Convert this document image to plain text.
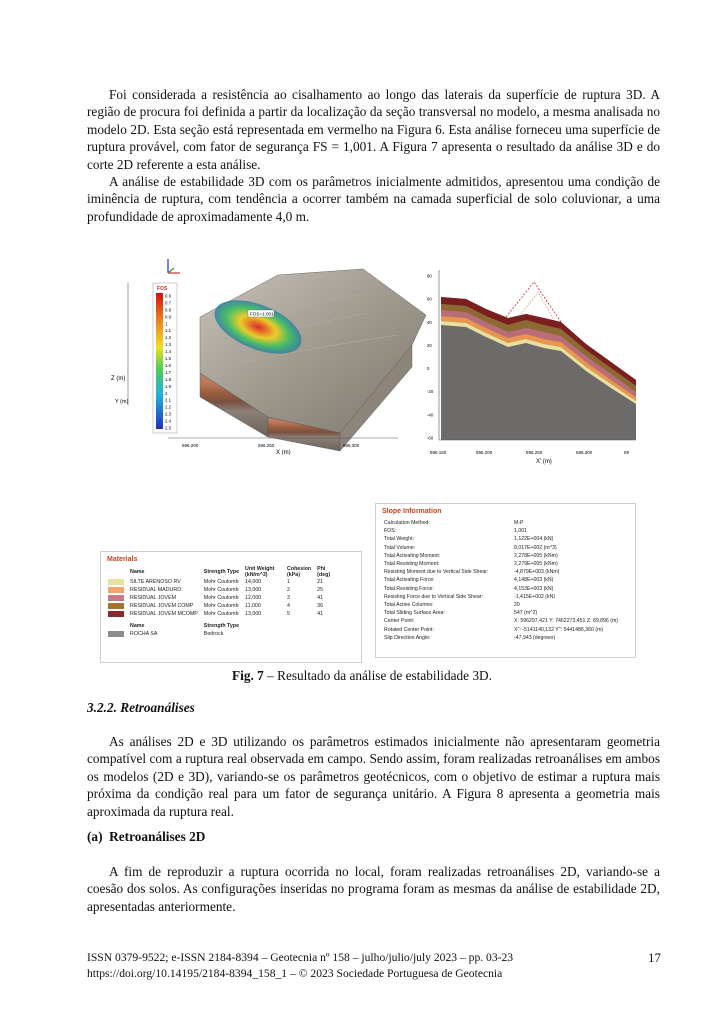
Foi considerada a resistência ao cisalhamento ao longo das laterais da superfície de ruptura 3D. A região de procura foi definida a partir da localização da seção transversal no modelo, a mesma analisada no modelo 2D. Esta seção está representada em vermelho na Figura 6. Esta análise forneceu uma superfície de ruptura provável, com fator de segurança FS = 1,001. A Figura 7 apresenta o resultado da análise 3D e do corte 2D referente a esta análise.

A análise de estabilidade 3D com os parâmetros inicialmente admitidos, apresentou uma condição de iminência de ruptura, com tendência a ocorrer também na camada superficial de solo coluvionar, a uma profundidade de aproximadamente 4,0 m.

FOS=1.001
FOS
0.6
0.7
0.8
0.9
1
1.1
1.2
1.3
1.4
1.5
1.6
1.7
1.8
1.9
2
2.1
2.2
2.3
2.4
2.5
Z (m)
Y (m)
596.200	596.250	596.300
X (m)
80
60
40
20
0
-20
-40
-60
596.150	596.200	596.250	596.300	59
X' (m)
Materials
	Name	Strength Type	Unit Weight (kN/m^3)	Cohesion (kPa)	Phi (deg)
	SILTE ARENOSO RV	Mohr Coulomb	14,000	1	21
	RESIDUAL MADURO	Mohr Coulomb	13,000	2	25
	RESIDUAL JOVEM	Mohr Coulomb	12,000	3	41
	RESIDUAL JOVEM COMP	Mohr Coulomb	11,000	4	36
	RESIDUAL JOVEM MCOMP	Mohr Coulomb	13,000	5	41

	Name	Strength Type			
	ROCHA SA	Bedrock			
Slope Information
Calculation Method:	M-P
FOS:	1,001
Total Weight:	1,122E+004 (kN)
Total Volume:	8,017E+002 (m^3)
Total Activating Moment:	2,278E+005 (kNm)
Total Resisting Moment:	2,279E+005 (kNm)
Resisting Moment due to Vertical Side Shear:	-4,879E+003 (kNm)
Total Activating Force:	4,148E+003 (kN)
Total Resisting Force:	4,153E+003 (kN)
Resisting Force due to Vertical Side Shear:	-1,415E+002 (kN)
Total Active Columns:	20
Total Sliding Surface Area:	547 (m^2)
Center Point:	X: 596297,421 Y: 7462273,451 Z: 89,896 (m)
Rotated Center Point:	X'': -5141140,132 Y'': 5441486,360 (m)
Slip Direction Angle:	-47,943 (degrees)

Fig. 7 – Resultado da análise de estabilidade 3D.

3.2.2. Retroanálises

As análises 2D e 3D utilizando os parâmetros estimados inicialmente não apresentaram geometria compatível com a ruptura real observada em campo. Sendo assim, foram realizadas retroanálises em ambos os modelos (2D e 3D), variando-se os parâmetros geotécnicos, com o objetivo de estimar a ruptura mais próxima da condição real para um fator de segurança unitário. A Figura 8 apresenta a geometria mais aproximada da ruptura real.

(a) Retroanálises 2D

A fim de reproduzir a ruptura ocorrida no local, foram realizadas retroanálises 2D, variando-se a coesão dos solos. As configurações inseridas no programa foram as mesmas da análise de estabilidade 2D, apresentadas anteriormente.

ISSN 0379-9522; e-ISSN 2184-8394 – Geotecnia nº 158 – julho/julio/july 2023 – pp. 03-23
https://doi.org/10.14195/2184-8394_158_1 – © 2023 Sociedade Portuguesa de Geotecnia
17
